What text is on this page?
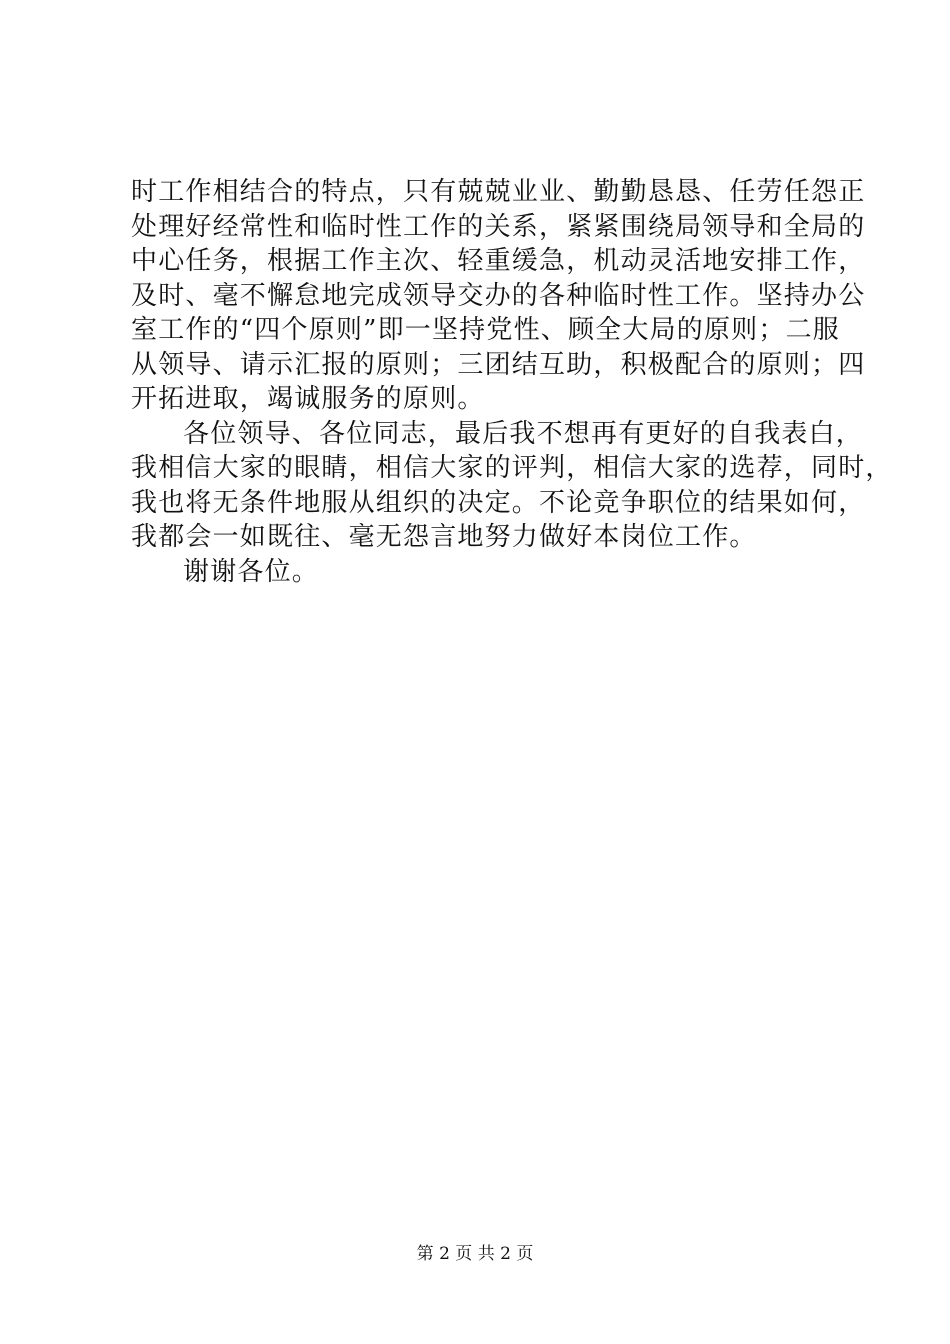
时工作相结合的特点，只有兢兢业业、勤勤恳恳、任劳任怨正
处理好经常性和临时性工作的关系，紧紧围绕局领导和全局的
中心任务，根据工作主次、轻重缓急，机动灵活地安排工作，
及时、毫不懈怠地完成领导交办的各种临时性工作。坚持办公
室工作的“四个原则”即一坚持党性、顾全大局的原则；二服
从领导、请示汇报的原则；三团结互助，积极配合的原则；四
开拓进取，竭诚服务的原则。
各位领导、各位同志，最后我不想再有更好的自我表白，
我相信大家的眼睛，相信大家的评判，相信大家的选荐，同时，
我也将无条件地服从组织的决定。不论竞争职位的结果如何，
我都会一如既往、毫无怨言地努力做好本岗位工作。
谢谢各位。
第 2 页 共 2 页
